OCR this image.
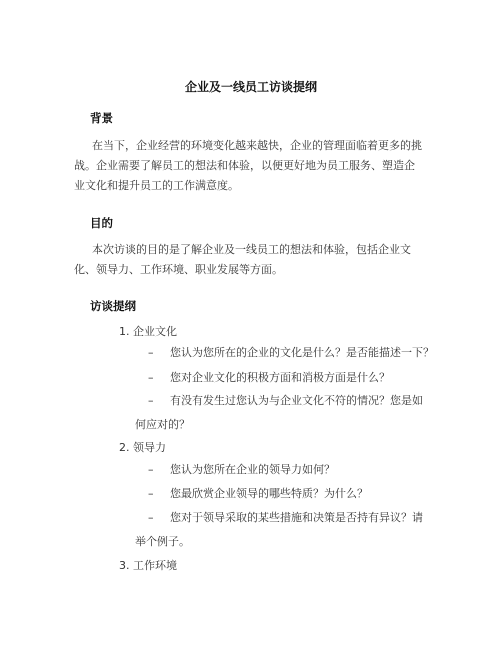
企业及一线员工访谈提纲
背景

在当下，企业经营的环境变化越来越快，企业的管理面临着更多的挑战。企业需要了解员工的想法和体验，以便更好地为员工服务、塑造企业文化和提升员工的工作满意度。

目的

本次访谈的目的是了解企业及一线员工的想法和体验，包括企业文化、领导力、工作环境、职业发展等方面。

访谈提纲
1. 企业文化
– 您认为您所在的企业的文化是什么？是否能描述一下？
– 您对企业文化的积极方面和消极方面是什么？
– 有没有发生过您认为与企业文化不符的情况？您是如
何应对的？
2. 领导力
– 您认为您所在企业的领导力如何？
– 您最欣赏企业领导的哪些特质？为什么？
– 您对于领导采取的某些措施和决策是否持有异议？请
举个例子。
3. 工作环境
